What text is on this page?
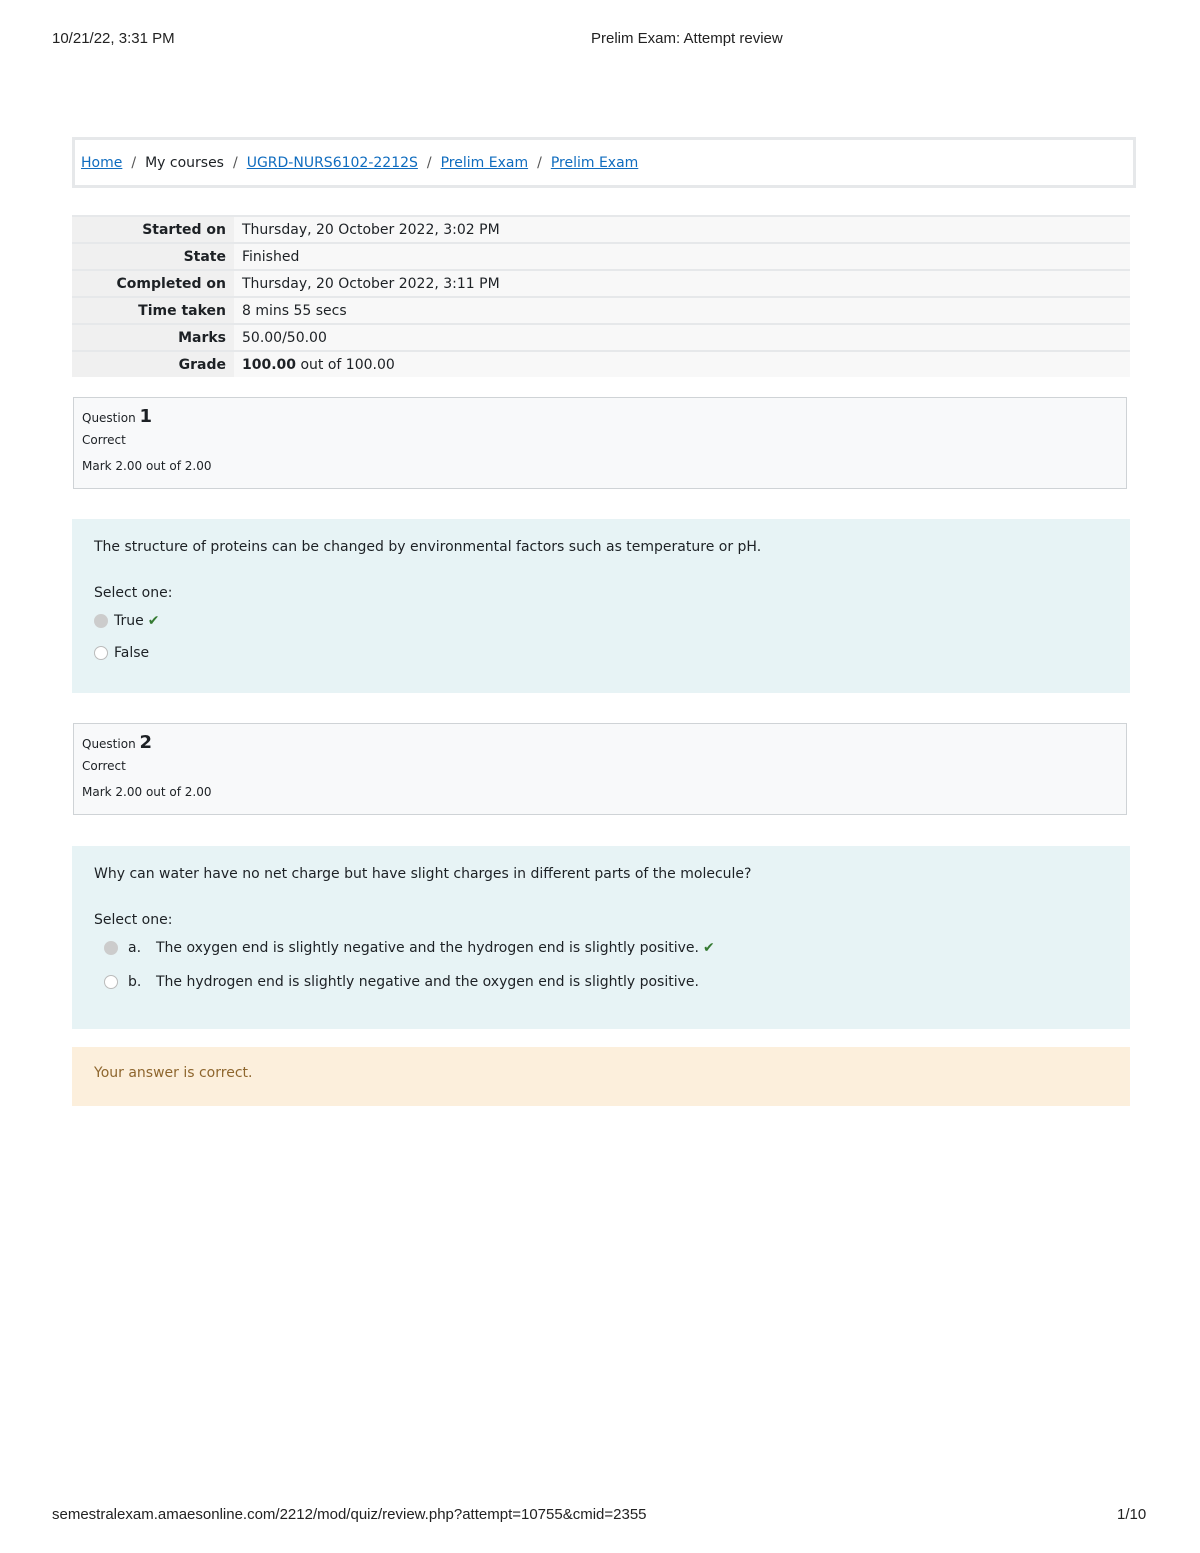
10/21/22, 3:31 PM	Prelim Exam: Attempt review
Home / My courses / UGRD-NURS6102-2212S / Prelim Exam / Prelim Exam
Started on	Thursday, 20 October 2022, 3:02 PM
State	Finished
Completed on	Thursday, 20 October 2022, 3:11 PM
Time taken	8 mins 55 secs
Marks	50.00/50.00
Grade	100.00 out of 100.00
Question 1
Correct
Mark 2.00 out of 2.00
The structure of proteins can be changed by environmental factors such as temperature or pH.
Select one:
True ✔
False
Question 2
Correct
Mark 2.00 out of 2.00
Why can water have no net charge but have slight charges in different parts of the molecule?
Select one:
a.	The oxygen end is slightly negative and the hydrogen end is slightly positive. ✔
b.	The hydrogen end is slightly negative and the oxygen end is slightly positive.
Your answer is correct.
semestralexam.amaesonline.com/2212/mod/quiz/review.php?attempt=10755&cmid=2355	1/10
